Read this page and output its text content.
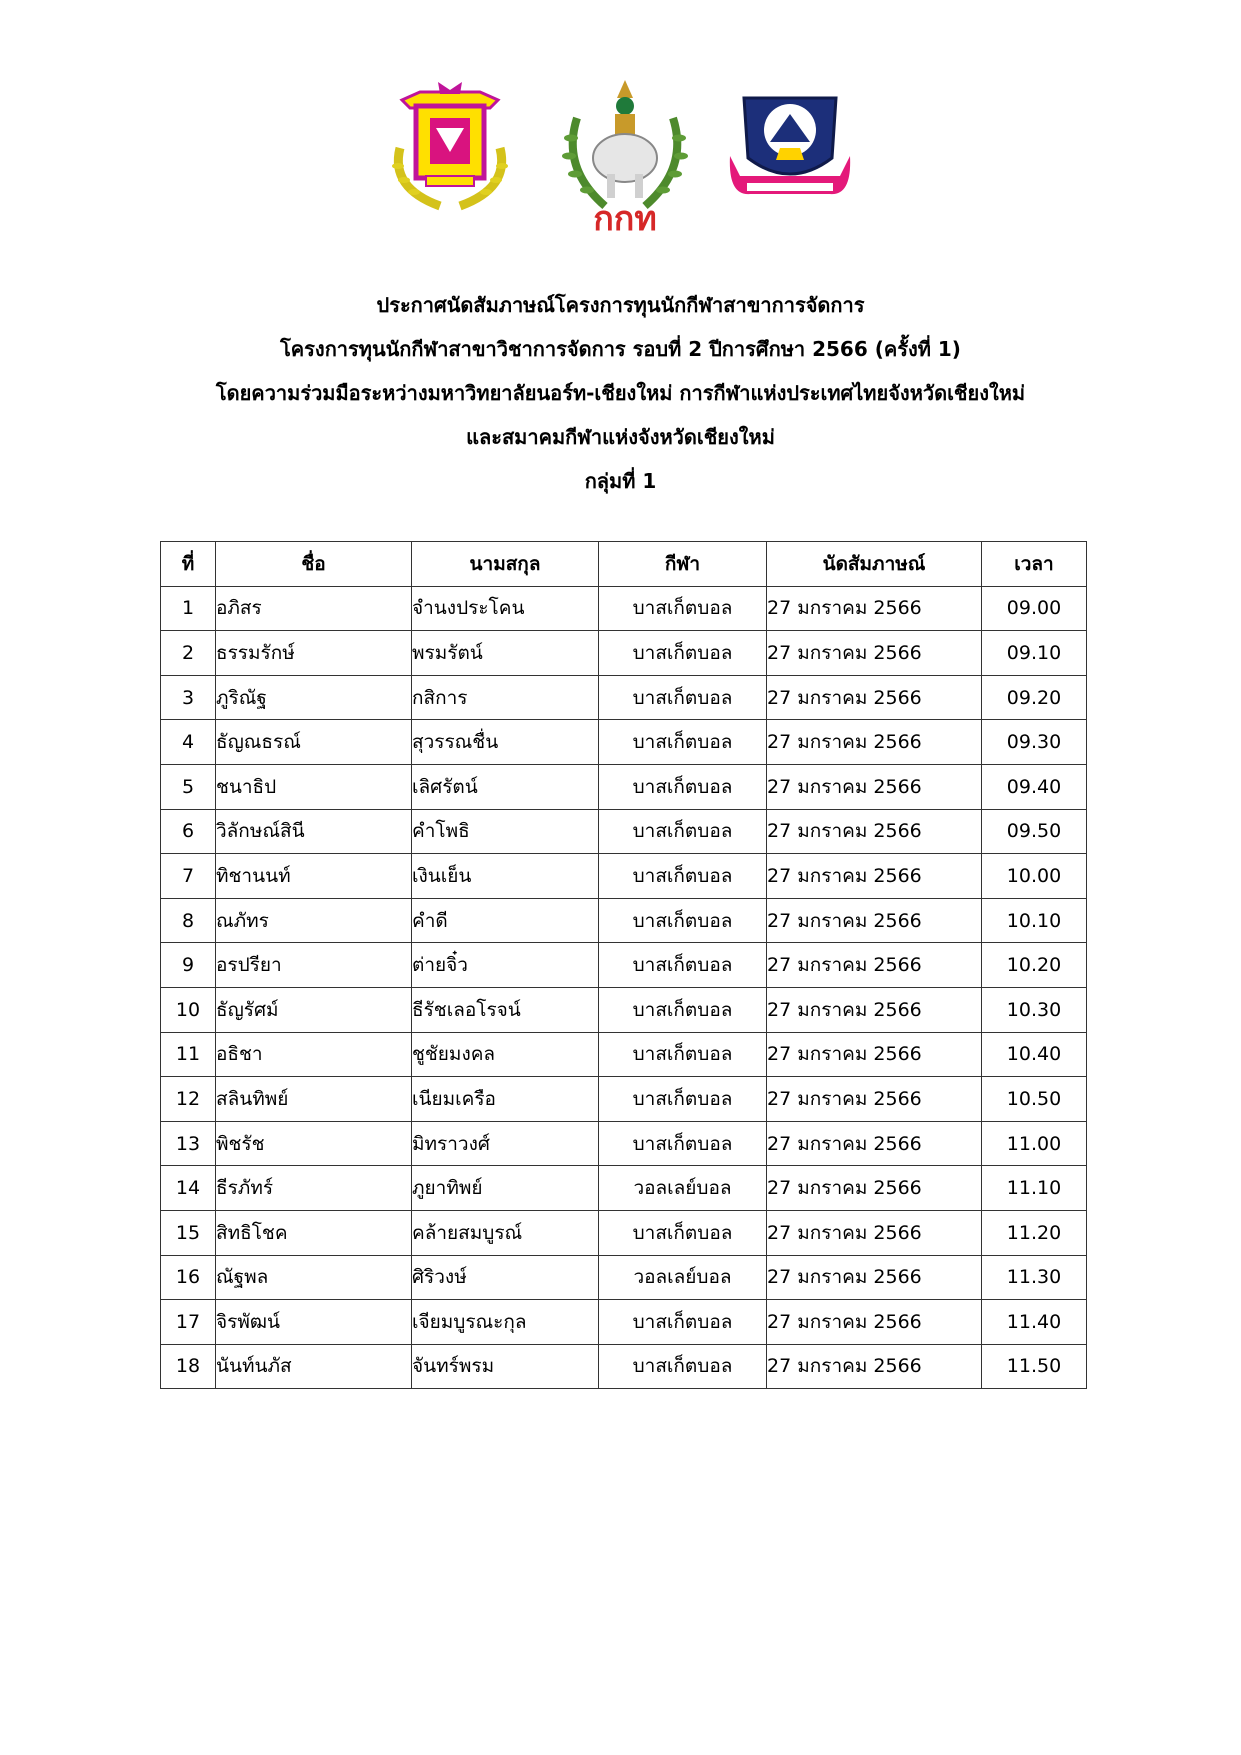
กกท
ประกาศนัดสัมภาษณ์โครงการทุนนักกีฬาสาขาการจัดการ
โครงการทุนนักกีฬาสาขาวิชาการจัดการ รอบที่ 2 ปีการศึกษา 2566 (ครั้งที่ 1)
โดยความร่วมมือระหว่างมหาวิทยาลัยนอร์ท-เชียงใหม่ การกีฬาแห่งประเทศไทยจังหวัดเชียงใหม่
และสมาคมกีฬาแห่งจังหวัดเชียงใหม่
กลุ่มที่ 1
ที่	ชื่อ	นามสกุล	กีฬา	นัดสัมภาษณ์	เวลา
1	อภิสร	จำนงประโคน	บาสเก็ตบอล	27 มกราคม 2566	09.00
2	ธรรมรักษ์	พรมรัตน์	บาสเก็ตบอล	27 มกราคม 2566	09.10
3	ภูริณัฐ	กสิการ	บาสเก็ตบอล	27 มกราคม 2566	09.20
4	ธัญณธรณ์	สุวรรณชื่น	บาสเก็ตบอล	27 มกราคม 2566	09.30
5	ชนาธิป	เลิศรัตน์	บาสเก็ตบอล	27 มกราคม 2566	09.40
6	วิลักษณ์สินี	คำโพธิ	บาสเก็ตบอล	27 มกราคม 2566	09.50
7	ทิชานนท์	เงินเย็น	บาสเก็ตบอล	27 มกราคม 2566	10.00
8	ณภัทร	คำดี	บาสเก็ตบอล	27 มกราคม 2566	10.10
9	อรปรียา	ต่ายจิ๋ว	บาสเก็ตบอล	27 มกราคม 2566	10.20
10	ธัญรัศม์	ธีรัชเลอโรจน์	บาสเก็ตบอล	27 มกราคม 2566	10.30
11	อธิชา	ชูชัยมงคล	บาสเก็ตบอล	27 มกราคม 2566	10.40
12	สลินทิพย์	เนียมเครือ	บาสเก็ตบอล	27 มกราคม 2566	10.50
13	พิชรัช	มิทราวงศ์	บาสเก็ตบอล	27 มกราคม 2566	11.00
14	ธีรภัทร์	ภูยาทิพย์	วอลเลย์บอล	27 มกราคม 2566	11.10
15	สิทธิโชค	คล้ายสมบูรณ์	บาสเก็ตบอล	27 มกราคม 2566	11.20
16	ณัฐพล	ศิริวงษ์	วอลเลย์บอล	27 มกราคม 2566	11.30
17	จิรพัฒน์	เจียมบูรณะกุล	บาสเก็ตบอล	27 มกราคม 2566	11.40
18	นันท์นภัส	จันทร์พรม	บาสเก็ตบอล	27 มกราคม 2566	11.50
